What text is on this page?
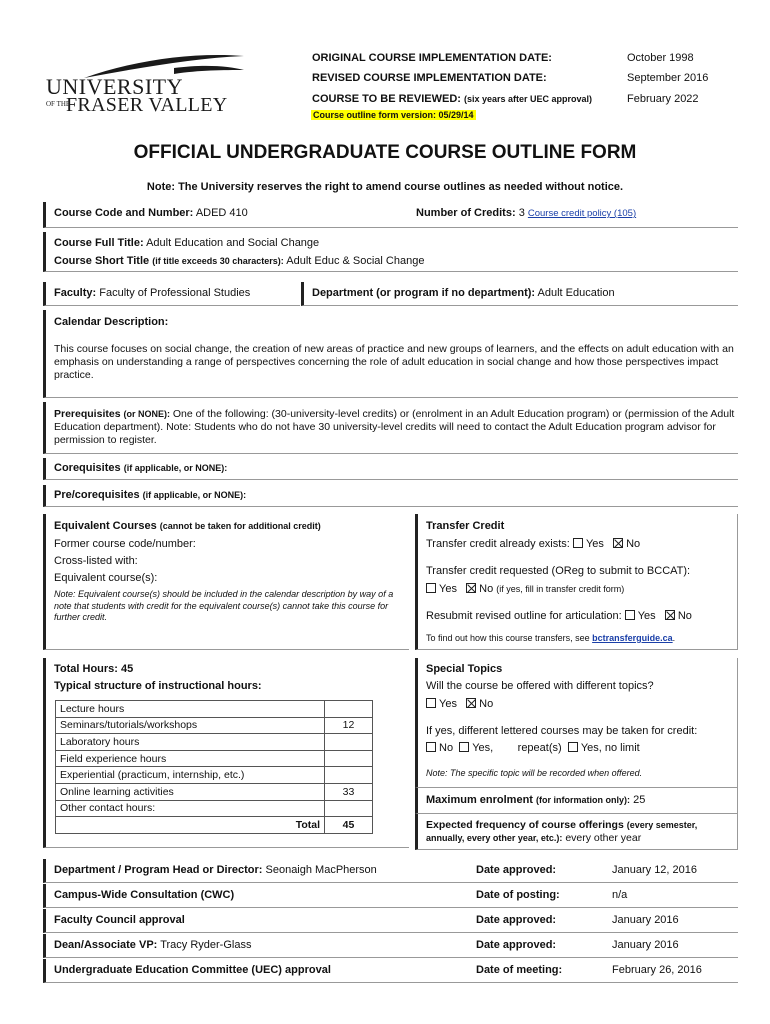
UNIVERSITY
OF THE
FRASER VALLEY
ORIGINAL COURSE IMPLEMENTATION DATE:	October 1998
REVISED COURSE IMPLEMENTATION DATE:	September 2016
COURSE TO BE REVIEWED: (six years after UEC approval)	February 2022
Course outline form version: 05/29/14
OFFICIAL UNDERGRADUATE COURSE OUTLINE FORM
Note: The University reserves the right to amend course outlines as needed without notice.
Course Code and Number: ADED 410	Number of Credits: 3 Course credit policy (105)
Course Full Title: Adult Education and Social Change
Course Short Title (if title exceeds 30 characters): Adult Educ & Social Change
Faculty: Faculty of Professional Studies	Department (or program if no department): Adult Education
Calendar Description:
This course focuses on social change, the creation of new areas of practice and new groups of learners, and the effects on adult education with an emphasis on understanding a range of perspectives concerning the role of adult education in social change and how those perspectives impact practice.
Prerequisites (or NONE): One of the following: (30-university-level credits) or (enrolment in an Adult Education program) or (permission of the Adult Education department). Note: Students who do not have 30 university-level credits will need to contact the Adult Education program advisor for permission to register.
Corequisites (if applicable, or NONE):
Pre/corequisites (if applicable, or NONE):
Equivalent Courses (cannot be taken for additional credit)
Former course code/number:
Cross-listed with:
Equivalent course(s):
Note: Equivalent course(s) should be included in the calendar description by way of a note that students with credit for the equivalent course(s) cannot take this course for further credit.
Transfer Credit
Transfer credit already exists: Yes No
Transfer credit requested (OReg to submit to BCCAT):
Yes No (if yes, fill in transfer credit form)
Resubmit revised outline for articulation: Yes No
To find out how this course transfers, see bctransferguide.ca.
Total Hours: 45
Typical structure of instructional hours:
Lecture hours	
Seminars/tutorials/workshops	12
Laboratory hours	
Field experience hours	
Experiential (practicum, internship, etc.)	
Online learning activities	33
Other contact hours:	
Total	45
Special Topics
Will the course be offered with different topics?
Yes No
If yes, different lettered courses may be taken for credit:
No Yes, repeat(s) Yes, no limit
Note: The specific topic will be recorded when offered.
Maximum enrolment (for information only): 25
Expected frequency of course offerings (every semester, annually, every other year, etc.): every other year
Department / Program Head or Director: Seonaigh MacPherson	Date approved:	January 12, 2016
Campus-Wide Consultation (CWC)	Date of posting:	n/a
Faculty Council approval	Date approved:	January 2016
Dean/Associate VP: Tracy Ryder-Glass	Date approved:	January 2016
Undergraduate Education Committee (UEC) approval	Date of meeting:	February 26, 2016
